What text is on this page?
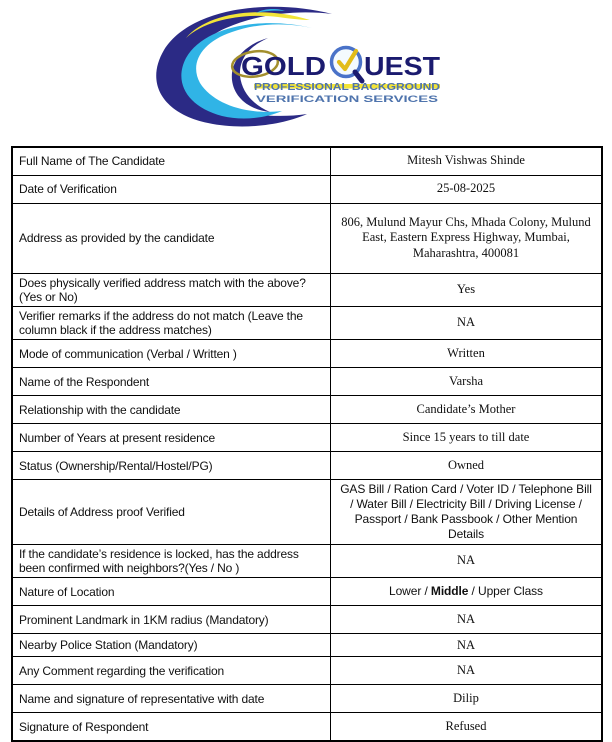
GOLD UEST
PROFESSIONAL BACKGROUND
VERIFICATION SERVICES
Full Name of The Candidate	Mitesh Vishwas Shinde
Date of Verification	25-08-2025
Address as provided by the candidate	806, Mulund Mayur Chs, Mhada Colony, Mulund East, Eastern Express Highway, Mumbai, Maharashtra, 400081
Does physically verified address match with the above? (Yes or No)	Yes
Verifier remarks if the address do not match (Leave the column black if the address matches)	NA
Mode of communication (Verbal / Written )	Written
Name of the Respondent	Varsha
Relationship with the candidate	Candidate’s Mother
Number of Years at present residence	Since 15 years to till date
Status (Ownership/Rental/Hostel/PG)	Owned
Details of Address proof Verified	GAS Bill / Ration Card / Voter ID / Telephone Bill / Water Bill / Electricity Bill / Driving License / Passport / Bank Passbook / Other Mention Details
If the candidate’s residence is locked, has the address been confirmed with neighbors?(Yes / No )	NA
Nature of Location	Lower / Middle / Upper Class
Prominent Landmark in 1KM radius (Mandatory)	NA
Nearby Police Station (Mandatory)	NA
Any Comment regarding the verification	NA
Name and signature of representative with date	Dilip
Signature of Respondent	Refused
